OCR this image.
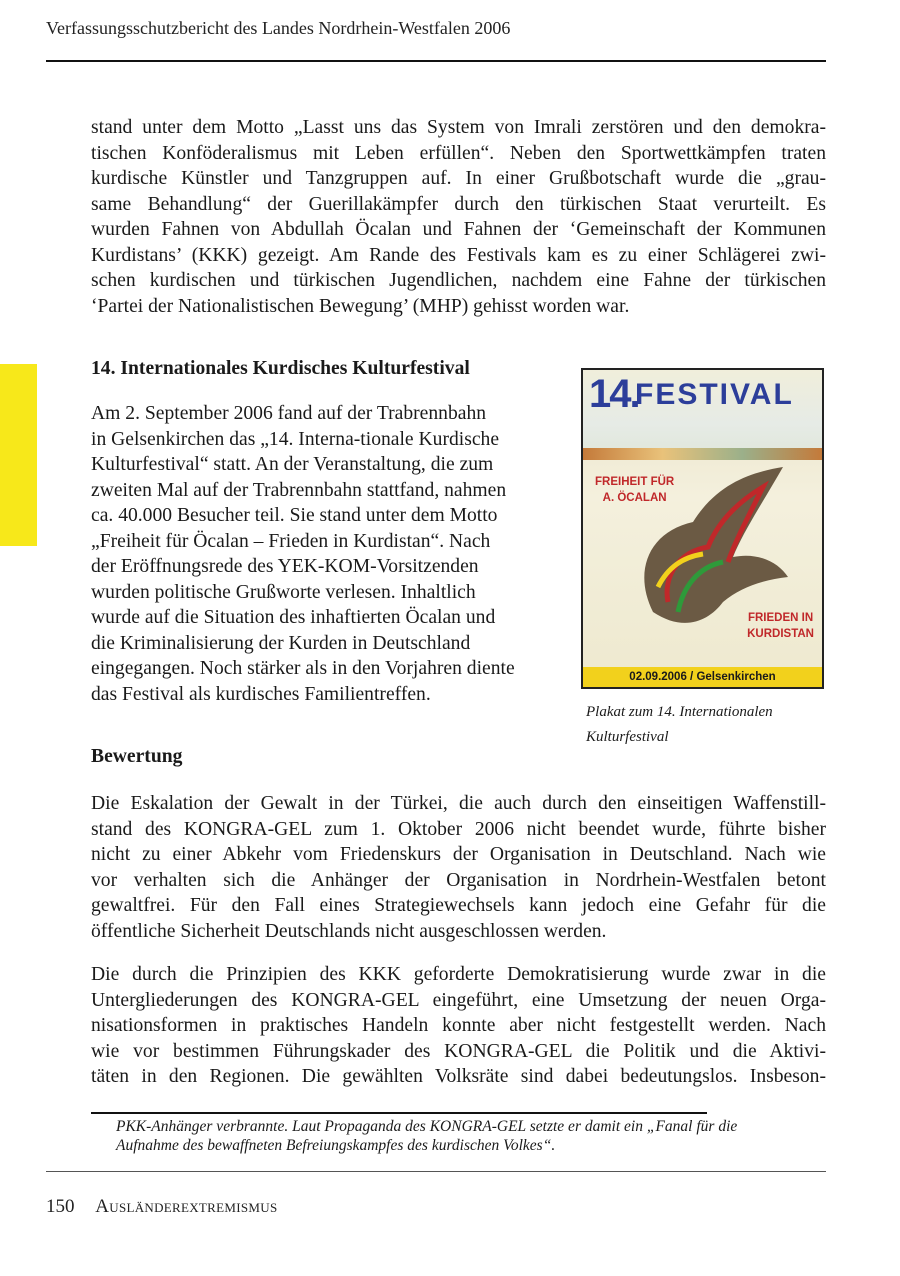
Verfassungsschutzbericht des Landes Nordrhein-Westfalen 2006

stand unter dem Motto „Lasst uns das System von Imrali zerstören und den demokra-
tischen Konföderalismus mit Leben erfüllen“. Neben den Sportwettkämpfen traten
kurdische Künstler und Tanzgruppen auf. In einer Grußbotschaft wurde die „grau-
same Behandlung“ der Guerillakämpfer durch den türkischen Staat verurteilt. Es
wurden Fahnen von Abdullah Öcalan und Fahnen der ‘Gemeinschaft der Kommunen
Kurdistans’ (KKK) gezeigt. Am Rande des Festivals kam es zu einer Schlägerei zwi-
schen kurdischen und türkischen Jugendlichen, nachdem eine Fahne der türkischen
‘Partei der Nationalistischen Bewegung’ (MHP) gehisst worden war.

14. Internationales Kurdisches Kulturfestival

Am 2. September 2006 fand auf der Trabrennbahn
in Gelsenkirchen das „14. Interna-tionale Kurdische
Kulturfestival“ statt. An der Veranstaltung, die zum
zweiten Mal auf der Trabrennbahn stattfand, nahmen
ca. 40.000 Besucher teil. Sie stand unter dem Motto
„Freiheit für Öcalan – Frieden in Kurdistan“. Nach
der Eröffnungsrede des YEK-KOM-Vorsitzenden
wurden politische Grußworte verlesen. Inhaltlich
wurde auf die Situation des inhaftierten Öcalan und
die Kriminalisierung der Kurden in Deutschland
eingegangen. Noch stärker als in den Vorjahren diente
das Festival als kurdisches Familientreffen.

14.
FESTIVAL
FREIHEIT FÜR
A. ÖCALAN
FRIEDEN IN
KURDISTAN
02.09.2006 / Gelsenkirchen

Plakat zum 14. Internationalen
Kulturfestival

Bewertung

Die Eskalation der Gewalt in der Türkei, die auch durch den einseitigen Waffenstill-
stand des KONGRA-GEL zum 1. Oktober 2006 nicht beendet wurde, führte bisher
nicht zu einer Abkehr vom Friedenskurs der Organisation in Deutschland. Nach wie
vor verhalten sich die Anhänger der Organisation in Nordrhein-Westfalen betont
gewaltfrei. Für den Fall eines Strategiewechsels kann jedoch eine Gefahr für die
öffentliche Sicherheit Deutschlands nicht ausgeschlossen werden.

Die durch die Prinzipien des KKK geforderte Demokratisierung wurde zwar in die
Untergliederungen des KONGRA-GEL eingeführt, eine Umsetzung der neuen Orga-
nisationsformen in praktisches Handeln konnte aber nicht festgestellt werden. Nach
wie vor bestimmen Führungskader des KONGRA-GEL die Politik und die Aktivi-
täten in den Regionen. Die gewählten Volksräte sind dabei bedeutungslos. Insbeson-

PKK-Anhänger verbrannte. Laut Propaganda des KONGRA-GEL setzte er damit ein „Fanal für die
Aufnahme des bewaffneten Befreiungskampfes des kurdischen Volkes“.

150 Ausländerextremismus
